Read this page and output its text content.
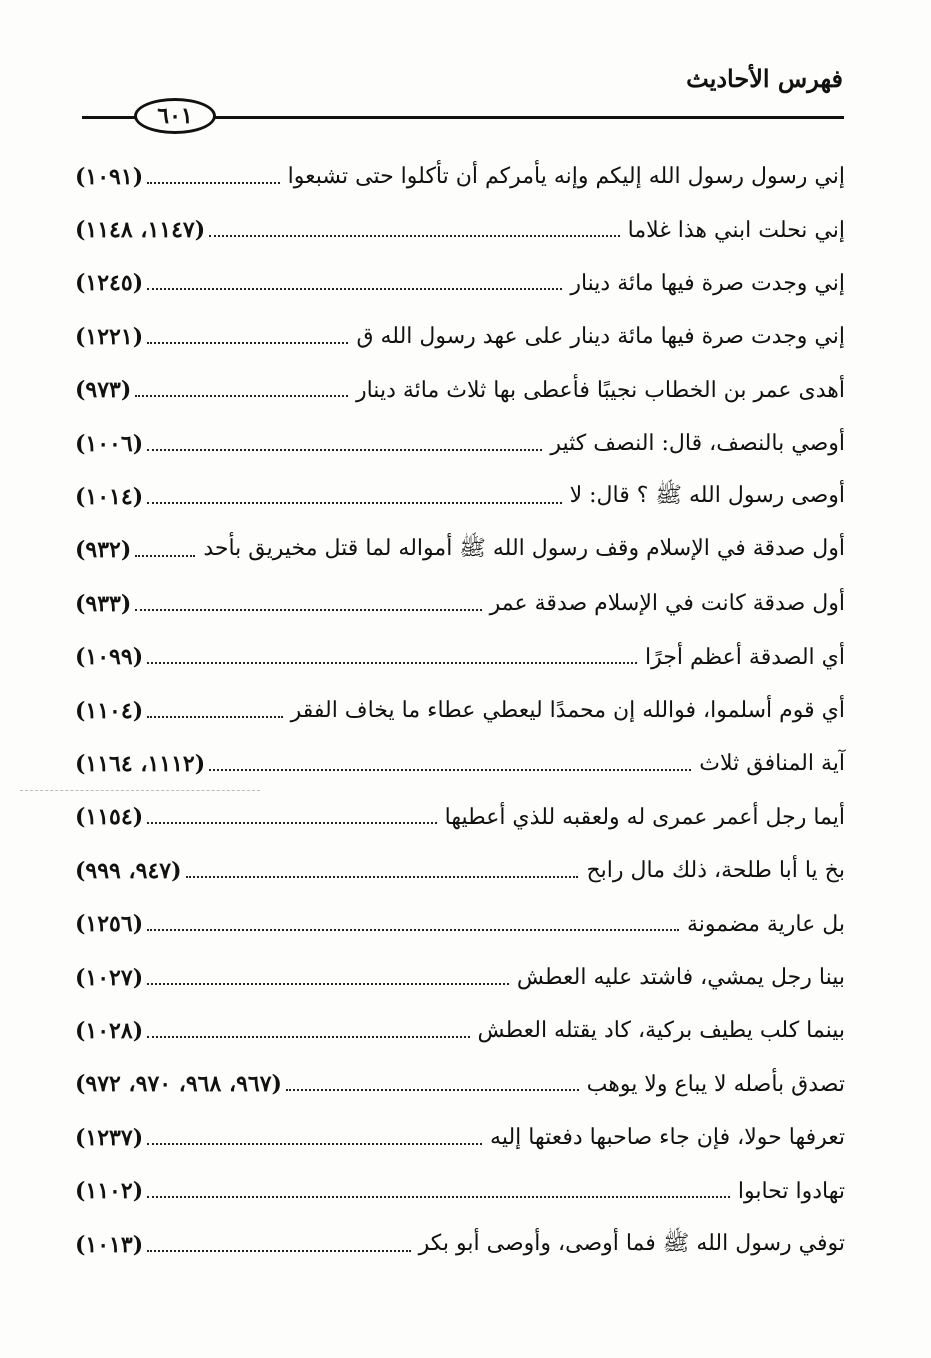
فهرس الأحاديث
٦٠١
إني رسول رسول الله إليكم وإنه يأمركم أن تأكلوا حتى تشبعوا
(١٠٩١)
إني نحلت ابني هذا غلاما
(١١٤٧، ١١٤٨)
إني وجدت صرة فيها مائة دينار
(١٢٤٥)
إني وجدت صرة فيها مائة دينار على عهد رسول الله ق
(١٢٢١)
أهدى عمر بن الخطاب نجيبًا فأعطى بها ثلاث مائة دينار
(٩٧٣)
أوصي بالنصف، قال: النصف كثير
(١٠٠٦)
أوصى رسول الله ﷺ ؟ قال: لا
(١٠١٤)
أول صدقة في الإسلام وقف رسول الله ﷺ أمواله لما قتل مخيريق بأحد
(٩٣٢)
أول صدقة كانت في الإسلام صدقة عمر
(٩٣٣)
أي الصدقة أعظم أجرًا
(١٠٩٩)
أي قوم أسلموا، فوالله إن محمدًا ليعطي عطاء ما يخاف الفقر
(١١٠٤)
آية المنافق ثلاث
(١١١٢، ١١٦٤)
أيما رجل أعمر عمرى له ولعقبه للذي أعطيها
(١١٥٤)
بخ يا أبا طلحة، ذلك مال رابح
(٩٤٧، ٩٩٩)
بل عارية مضمونة
(١٢٥٦)
بينا رجل يمشي، فاشتد عليه العطش
(١٠٢٧)
بينما كلب يطيف بركية، كاد يقتله العطش
(١٠٢٨)
تصدق بأصله لا يباع ولا يوهب
(٩٦٧، ٩٦٨، ٩٧٠، ٩٧٢)
تعرفها حولا، فإن جاء صاحبها دفعتها إليه
(١٢٣٧)
تهادوا تحابوا
(١١٠٢)
توفي رسول الله ﷺ فما أوصى، وأوصى أبو بكر
(١٠١٣)
